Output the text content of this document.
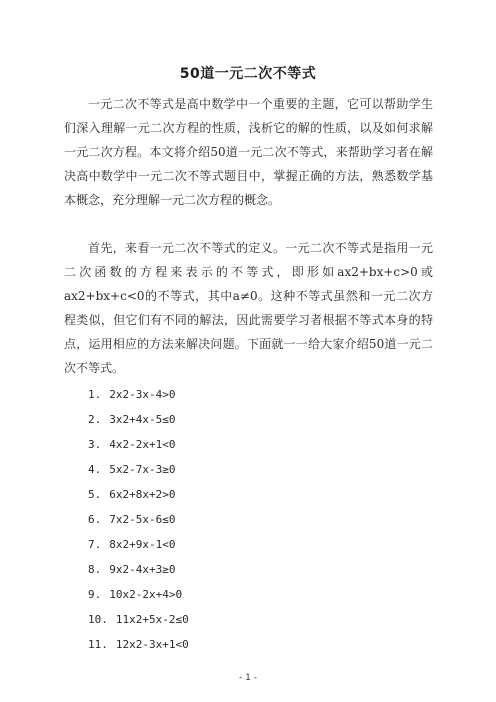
50道一元二次不等式
一元二次不等式是高中数学中一个重要的主题，它可以帮助学生们深入理解一元二次方程的性质，浅析它的解的性质，以及如何求解一元二次方程。本文将介绍50道一元二次不等式，来帮助学习者在解决高中数学中一元二次不等式题目中，掌握正确的方法，熟悉数学基本概念，充分理解一元二次方程的概念。
首先，来看一元二次不等式的定义。一元二次不等式是指用一元二次函数的方程来表示的不等式，即形如ax2+bx+c>0或ax2+bx+c<0的不等式，其中a≠0。这种不等式虽然和一元二次方程类似，但它们有不同的解法，因此需要学习者根据不等式本身的特点，运用相应的方法来解决问题。下面就一一给大家介绍50道一元二次不等式。
1. 2x2-3x-4>0
2. 3x2+4x-5≤0
3. 4x2-2x+1<0
4. 5x2-7x-3≥0
5. 6x2+8x+2>0
6. 7x2-5x-6≤0
7. 8x2+9x-1<0
8. 9x2-4x+3≥0
9. 10x2-2x+4>0
10. 11x2+5x-2≤0
11. 12x2-3x+1<0
- 1 -
